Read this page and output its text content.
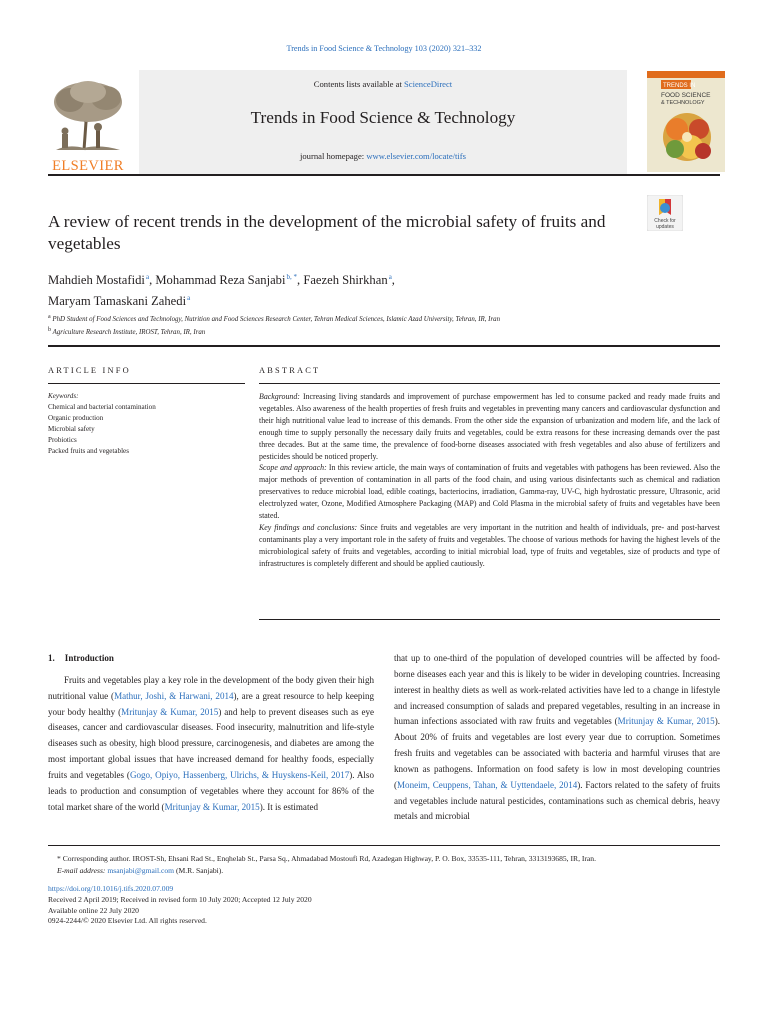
Trends in Food Science & Technology 103 (2020) 321–332
ELSEVIER
Contents lists available at ScienceDirect
Trends in Food Science & Technology
journal homepage: www.elsevier.com/locate/tifs
TRENDS IN
FOOD SCIENCE
& TECHNOLOGY
A review of recent trends in the development of the microbial safety of fruits and vegetables
Check for
updates
Mahdieh Mostafidi $^a$, Mohammad Reza Sanjabi $^{b, *}$, Faezeh Shirkhan $^a$,
Maryam Tamaskani Zahedi $^a$
$^a$ PhD Student of Food Sciences and Technology, Nutrition and Food Sciences Research Center, Tehran Medical Sciences, Islamic Azad University, Tehran, IR, Iran
$^b$ Agriculture Research Institute, IROST, Tehran, IR, Iran
ARTICLE INFO	ABSTRACT
Keywords:
Chemical and bacterial contamination
Organic production
Microbial safety
Probiotics
Packed fruits and vegetables
Background: Increasing living standards and improvement of purchase empowerment has led to consume packed and ready made fruits and vegetables. Also awareness of the health properties of fresh fruits and vegetables in preventing many cancers and cardiovascular dysfunction and their high nutritional value lead to increase of this demands. From the other side the expansion of urbanization and modern life, and the lack of enough time to supply personally the necessary daily fruits and vegetables, could be extra reasons for these increasing demands over the past three decades. But at the same time, the prevalence of food-borne diseases associated with fresh vegetables and also abuse of fertilizers and pesticides should be noticed properly.
Scope and approach: In this review article, the main ways of contamination of fruits and vegetables with pathogens has been reviewed. Also the major methods of prevention of contamination in all parts of the food chain, and using various disinfectants such as chemical and radiation preservatives to reduce microbial load, edible coatings, bacteriocins, irradiation, Gamma-ray, UV-C, high hydrostatic pressure, Ultrasonic, acid electrolyzed water, Ozone, Modified Atmosphere Packaging (MAP) and Cold Plasma in the microbial safety of fruits and vegetables have been stated.
Key findings and conclusions: Since fruits and vegetables are very important in the nutrition and health of individuals, pre- and post-harvest contaminants play a very important role in the safety of fruits and vegetables. The choose of various methods for having the highest levels of the microbiological safety of fruits and vegetables, according to initial microbial load, type of fruits and vegetables, size of products and type of infrastructures is completely different and should be applied cautiously.
1. Introduction

Fruits and vegetables play a key role in the development of the body given their high nutritional value (Mathur, Joshi, & Harwani, 2014), are a great resource to help keeping your body healthy (Mritunjay & Kumar, 2015) and help to prevent diseases such as eye diseases, cancer and cardiovascular diseases. Food insecurity, malnutrition and life-style diseases such as obesity, high blood pressure, carcinogenesis, and diabetes are among the most important global issues that have increased demand for healthy foods, especially fruits and vegetables (Gogo, Opiyo, Hassenberg, Ulrichs, & Huyskens-Keil, 2017). Also leads to production and consumption of vegetables where they account for 86% of the total market share of the world (Mritunjay & Kumar, 2015). It is estimated

that up to one-third of the population of developed countries will be affected by food-borne diseases each year and this is likely to be wider in developing countries. Increasing interest in healthy diets as well as work-related activities have led to a change in lifestyle and increased consumption of salads and prepared vegetables, resulting in an increase in human infections associated with raw fruits and vegetables (Mritunjay & Kumar, 2015). About 20% of fruits and vegetables are lost every year due to corruption. Sometimes fresh fruits and vegetables can be associated with bacteria and harmful viruses that are known as pathogens. Information on food safety is low in most developing countries (Moneim, Ceuppens, Tahan, & Uyttendaele, 2014). Factors related to the safety of fruits and vegetables include natural pesticides, contaminations such as chemical debris, heavy metals and microbial

* Corresponding author. IROST-Sh, Ehsani Rad St., Enqhelab St., Parsa Sq., Ahmadabad Mostoufi Rd, Azadegan Highway, P. O. Box, 33535-111, Tehran, 3313193685, IR, Iran.
E-mail address: msanjabi@gmail.com (M.R. Sanjabi).
https://doi.org/10.1016/j.tifs.2020.07.009
Received 2 April 2019; Received in revised form 10 July 2020; Accepted 12 July 2020
Available online 22 July 2020
0924-2244/© 2020 Elsevier Ltd. All rights reserved.
